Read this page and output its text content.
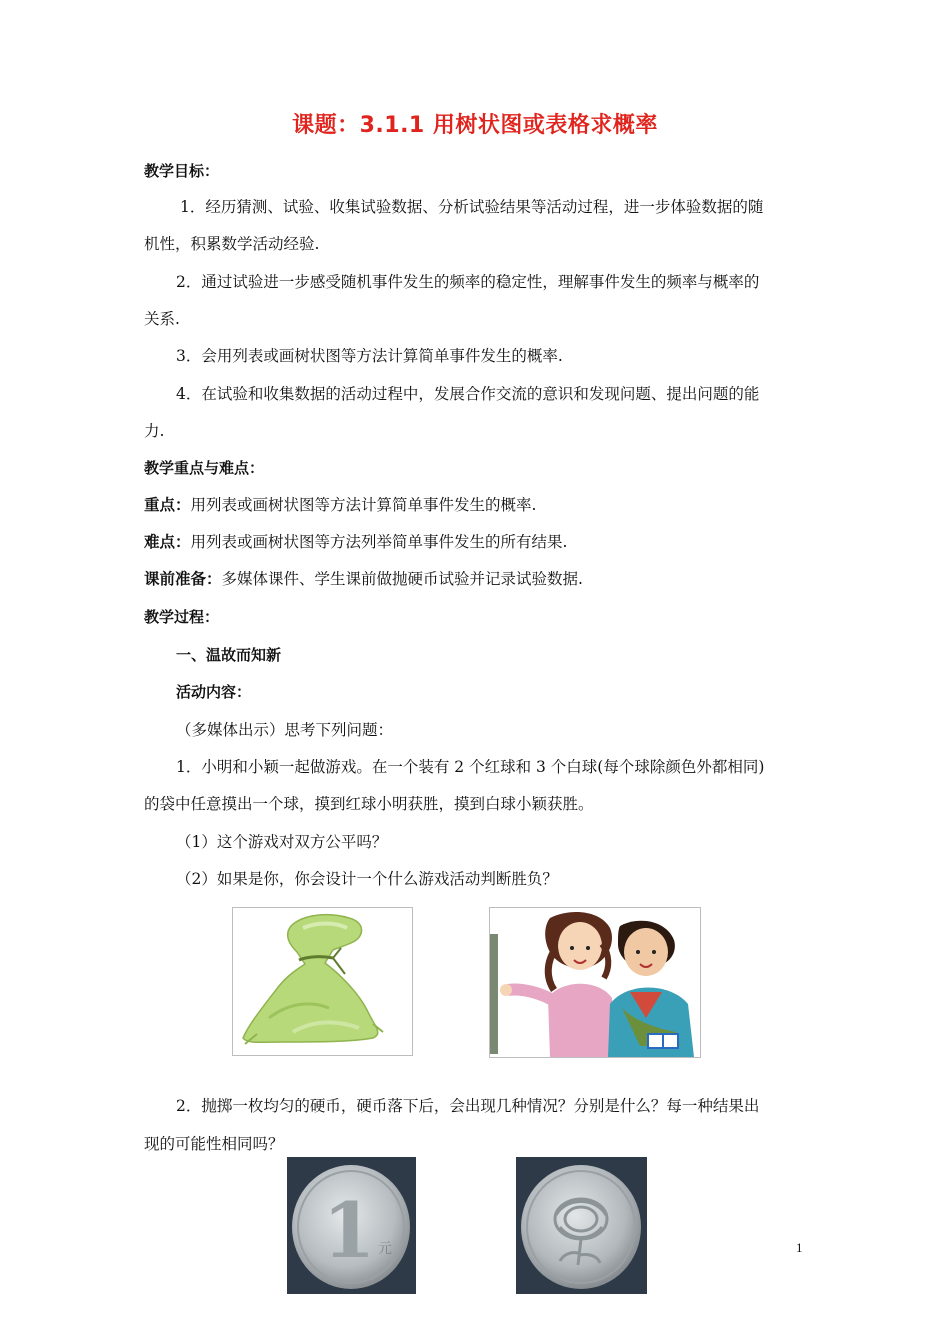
课题：3.1.1 用树状图或表格求概率
教学目标：
1．经历猜测、试验、收集试验数据、分析试验结果等活动过程，进一步体验数据的随
机性，积累数学活动经验.
2．通过试验进一步感受随机事件发生的频率的稳定性，理解事件发生的频率与概率的
关系.
3．会用列表或画树状图等方法计算简单事件发生的概率.
4．在试验和收集数据的活动过程中，发展合作交流的意识和发现问题、提出问题的能
力.
教学重点与难点：
重点：用列表或画树状图等方法计算简单事件发生的概率.
难点：用列表或画树状图等方法列举简单事件发生的所有结果.
课前准备：多媒体课件、学生课前做抛硬币试验并记录试验数据.
教学过程：
一、温故而知新
活动内容：
（多媒体出示）思考下列问题：
1．小明和小颖一起做游戏。在一个装有 2 个红球和 3 个白球(每个球除颜色外都相同)
的袋中任意摸出一个球，摸到红球小明获胜，摸到白球小颖获胜。
（1）这个游戏对双方公平吗？
（2）如果是你，你会设计一个什么游戏活动判断胜负？
2．抛掷一枚均匀的硬币，硬币落下后，会出现几种情况？分别是什么？每一种结果出
现的可能性相同吗？
1 元	1
